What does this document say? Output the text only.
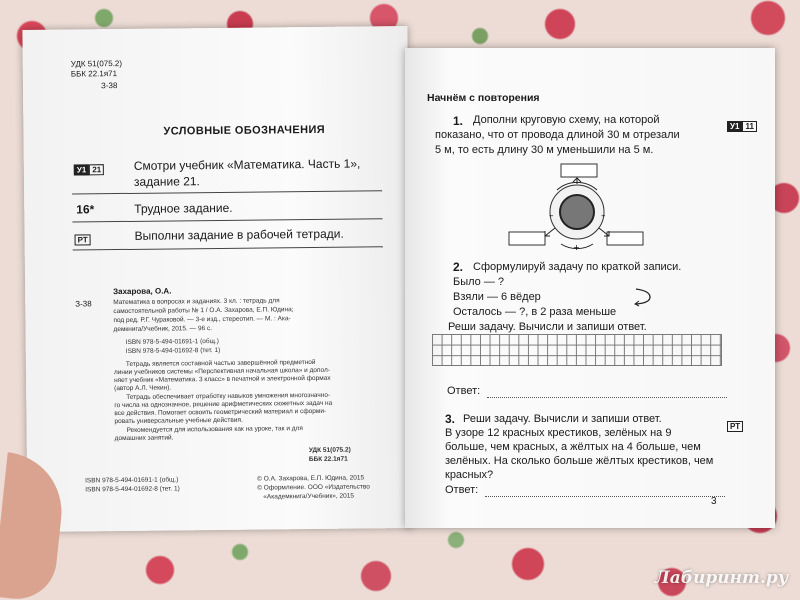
УДК 51(075.2)
ББК 22.1я71
З-38
УСЛОВНЫЕ ОБОЗНАЧЕНИЯ
У1 21	Смотри учебник «Математика. Часть 1»,
задание 21.
16*	Трудное задание.
РТ	Выполни задание в рабочей тетради.
Захарова, О.А.
З-38	Математика в вопросах и заданиях. 3 кл. : тетрадь для
самостоятельной работы № 1 / О.А. Захарова, Е.П. Юдина;
под ред. Р.Г. Чураковой. — 3-е изд., стереотип. — М. : Ака-
демкнига/Учебник, 2015. — 96 с.
ISBN 978-5-494-01691-1 (общ.)
ISBN 978-5-494-01692-8 (тет. 1)
Тетрадь является составной частью завершённой предметной
линии учебников системы «Перспективная начальная школа» и допол-
няет учебник «Математика. 3 класс» в печатной и электронной формах
(автор А.Л. Чекин).
Тетрадь обеспечивает отработку навыков умножения многозначно-
го числа на однозначное, решение арифметических сюжетных задач на
все действия. Помогает освоить геометрический материал и сформи-
ровать универсальные учебные действия.
Рекомендуется для использования как на уроке, так и для
домашних занятий.
УДК 51(075.2)
ББК 22.1я71
ISBN 978-5-494-01691-1 (общ.)
ISBN 978-5-494-01692-8 (тет. 1)
© О.А. Захарова, Е.П. Юдина, 2015
© Оформление. ООО «Издательство
«Академкнига/Учебник», 2015
Начнём с повторения
1. Дополни круговую схему, на которой
показано, что от провода длиной 30 м отрезали
5 м, то есть длину 30 м уменьшили на 5 м.
У1 11
–	–
+
2. Сформулируй задачу по краткой записи.
Было — ?
Взяли — 6 вёдер
Осталось — ?, в 2 раза меньше
Реши задачу. Вычисли и запиши ответ.
Ответ:
3. Реши задачу. Вычисли и запиши ответ.
РТ
В узоре 12 красных крестиков, зелёных на 9
больше, чем красных, а жёлтых на 4 больше, чем
зелёных. На сколько больше жёлтых крестиков, чем
красных?
Ответ:
3
Лабиринт.ру
